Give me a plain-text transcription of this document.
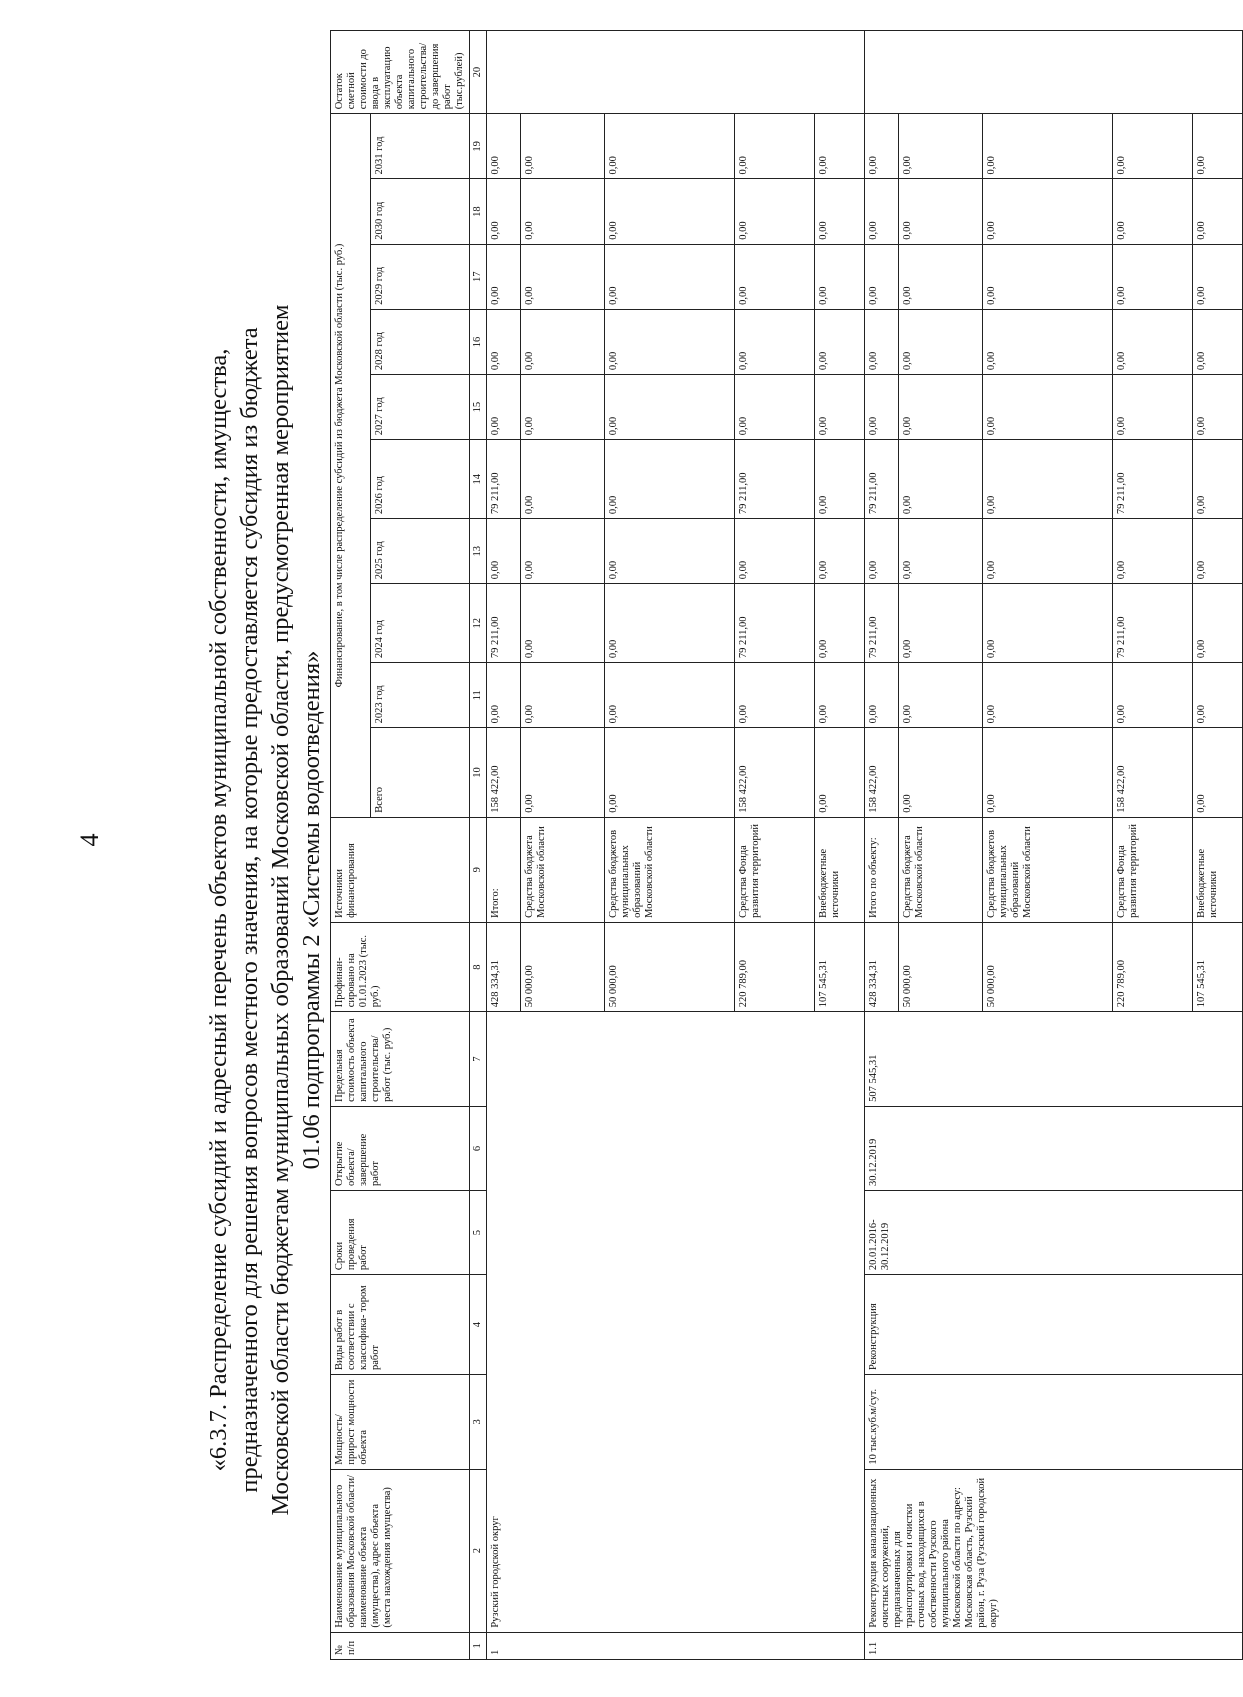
4	«6.3.7. Распределение субсидий и адресный перечень объектов муниципальной собственности, имущества, предназначенного для решения вопросов местного значения, на которые предоставляется субсидия из бюджета Московской области бюджетам муниципальных образований Московской области, предусмотренная мероприятием 01.06 подпрограммы 2 «Системы водоотведения»
№ п/п	Наименование муниципального образования Московской области/наименование объекта (имущества), адрес объекта (места нахождения имущества)	Мощность/ прирост мощности объекта	Виды работ в соответствии с классифика- тором работ	Сроки проведения работ	Открытие объекта/ завершение работ	Предельная стоимость объекта капитального строительства/ работ (тыс. руб.)	Профинан- сировано на 01.01.2023 (тыс. руб.)	Источники финансирования	Финансирование, в том числе распределение субсидий из бюджета Московской области (тыс. руб.)										Остаток сметной стоимости до ввода в эксплуатацию объекта капитального строительства/ до завершения работ (тыс.рублей)
									Всего	2023 год	2024 год	2025 год	2026 год	2027 год	2028 год	2029 год	2030 год	2031 год	
1	2	3	4	5	6	7	8	9	10	11	12	13	14	15	16	17	18	19	20
1	Рузский городской округ						428 334,31	Итого:	158 422,00	0,00	79 211,00	0,00	79 211,00	0,00	0,00	0,00	0,00	0,00	
							50 000,00	Средства бюджета Московской области	0,00	0,00	0,00	0,00	0,00	0,00	0,00	0,00	0,00	0,00	
							50 000,00	Средства бюджетов муниципальных образований Московской области	0,00	0,00	0,00	0,00	0,00	0,00	0,00	0,00	0,00	0,00	
							220 789,00	Средства Фонда развития территорий	158 422,00	0,00	79 211,00	0,00	79 211,00	0,00	0,00	0,00	0,00	0,00	
							107 545,31	Внебюджетные источники	0,00	0,00	0,00	0,00	0,00	0,00	0,00	0,00	0,00	0,00	
1.1	Реконструкция канализационных очистных сооружений, предназначенных для транспортировки и очистки сточных вод, находящихся в собственности Рузского муниципального района Московской области по адресу: Московская область, Рузский район, г. Руза (Рузский городской округ)	10 тыс.куб.м/сут.	Реконструкция	20.01.2016- 30.12.2019	30.12.2019	507 545,31	428 334,31	Итого по объекту:	158 422,00	0,00	79 211,00	0,00	79 211,00	0,00	0,00	0,00	0,00	0,00	
							50 000,00	Средства бюджета Московской области	0,00	0,00	0,00	0,00	0,00	0,00	0,00	0,00	0,00	0,00	
							50 000,00	Средства бюджетов муниципальных образований Московской области	0,00	0,00	0,00	0,00	0,00	0,00	0,00	0,00	0,00	0,00	
							220 789,00	Средства Фонда развития территорий	158 422,00	0,00	79 211,00	0,00	79 211,00	0,00	0,00	0,00	0,00	0,00	
							107 545,31	Внебюджетные источники	0,00	0,00	0,00	0,00	0,00	0,00	0,00	0,00	0,00	0,00	
